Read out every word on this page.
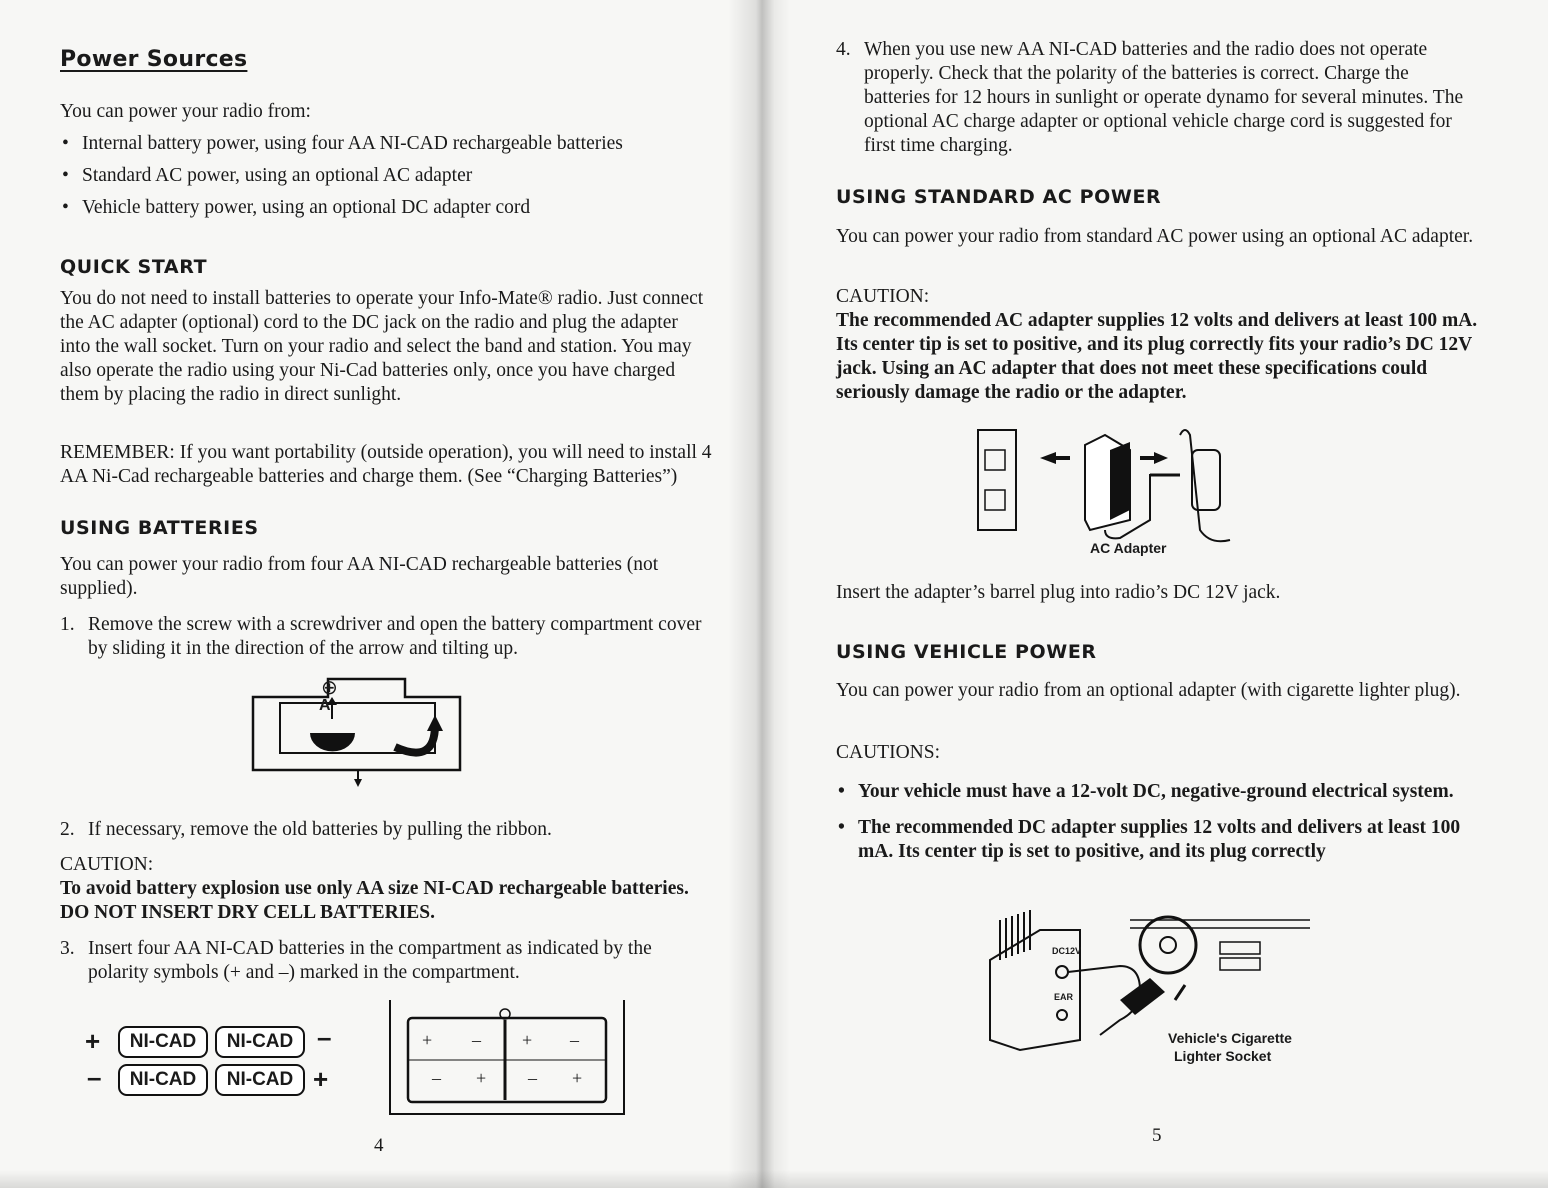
Power Sources
You can power your radio from:
• Internal battery power, using four AA NI-CAD rechargeable batteries
• Standard AC power, using an optional AC adapter
• Vehicle battery power, using an optional DC adapter cord
QUICK START
You do not need to install batteries to operate your Info-Mate® radio. Just connect the AC adapter (optional) cord to the DC jack on the radio and plug the adapter into the wall socket. Turn on your radio and select the band and station. You may also operate the radio using your Ni-Cad batteries only, once you have charged them by placing the radio in direct sunlight.
REMEMBER: If you want portability (outside operation), you will need to install 4 AA Ni-Cad rechargeable batteries and charge them. (See “Charging Batteries”)
USING BATTERIES
You can power your radio from four AA NI-CAD rechargeable batteries (not supplied).
1. Remove the screw with a screwdriver and open the battery compartment cover by sliding it in the direction of the arrow and tilting up.
A
⊕
2. If necessary, remove the old batteries by pulling the ribbon.
CAUTION:
To avoid battery explosion use only AA size NI-CAD rechargeable batteries. DO NOT INSERT DRY CELL BATTERIES.
3. Insert four AA NI-CAD batteries in the compartment as indicated by the polarity symbols (+ and –) marked in the compartment.
+	NI-CAD	NI-CAD –
–	NI-CAD	NI-CAD +
+ – + –
– + – +
4
4. When you use new AA NI-CAD batteries and the radio does not operate properly. Check that the polarity of the batteries is correct. Charge the batteries for 12 hours in sunlight or operate dynamo for several minutes. The optional AC charge adapter or optional vehicle charge cord is suggested for first time charging.
USING STANDARD AC POWER
You can power your radio from standard AC power using an optional AC adapter.
CAUTION:
The recommended AC adapter supplies 12 volts and delivers at least 100 mA. Its center tip is set to positive, and its plug correctly fits your radio’s DC 12V jack. Using an AC adapter that does not meet these specifications could seriously damage the radio or the adapter.
AC Adapter
Insert the adapter’s barrel plug into radio’s DC 12V jack.
USING VEHICLE POWER
You can power your radio from an optional adapter (with cigarette lighter plug).
CAUTIONS:
• Your vehicle must have a 12-volt DC, negative-ground electrical system.
• The recommended DC adapter supplies 12 volts and delivers at least 100 mA. Its center tip is set to positive, and its plug correctly
DC12V
EAR
Vehicle's Cigarette
Lighter Socket
5
